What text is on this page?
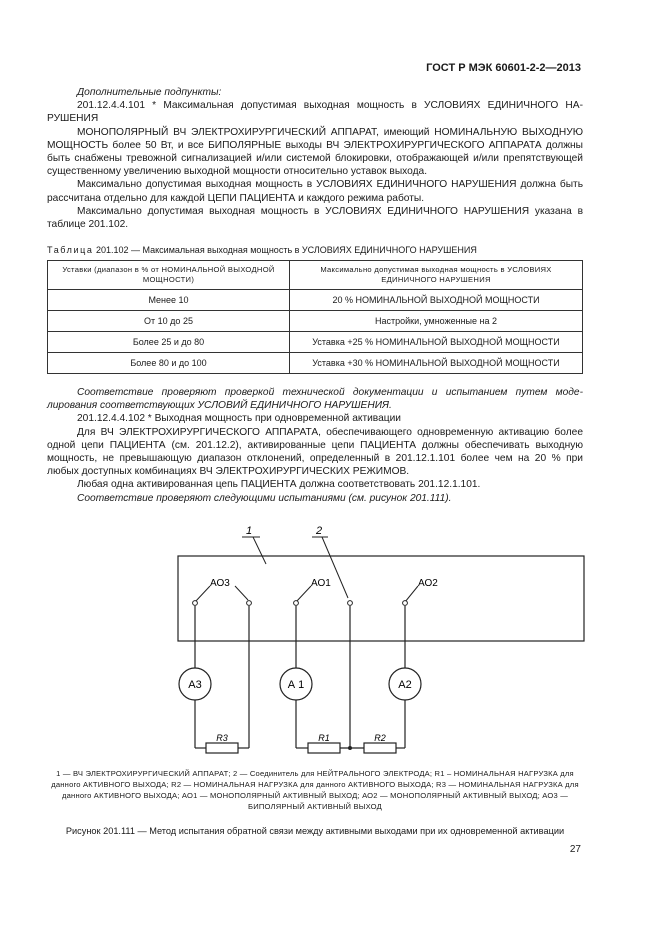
ГОСТ Р МЭК 60601-2-2—2013

Дополнительные подпункты:

201.12.4.4.101 * Максимальная допустимая выходная мощность в УСЛОВИЯХ ЕДИНИЧНОГО НАРУШЕНИЯ

МОНОПОЛЯРНЫЙ ВЧ ЭЛЕКТРОХИРУРГИЧЕСКИЙ АППАРАТ, имеющий НОМИНАЛЬНУЮ ВЫХОДНУЮ МОЩНОСТЬ более 50 Вт, и все БИПОЛЯРНЫЕ выходы ВЧ ЭЛЕКТРОХИРУРГИЧЕСКОГО АППАРАТА должны быть снабжены тревожной сигнализацией и/или системой блокировки, отображающей и/или препятствующей существенному увеличению выходной мощности относительно уставок выхода.

Максимально допустимая выходная мощность в УСЛОВИЯХ ЕДИНИЧНОГО НАРУШЕНИЯ должна быть рассчитана отдельно для каждой ЦЕПИ ПАЦИЕНТА и каждого режима работы.

Максимально допустимая выходная мощность в УСЛОВИЯХ ЕДИНИЧНОГО НАРУШЕНИЯ указана в таблице 201.102.

Таблица 201.102 — Максимальная выходная мощность в УСЛОВИЯХ ЕДИНИЧНОГО НАРУШЕНИЯ
Уставки (диапазон в % от НОМИНАЛЬНОЙ ВЫХОДНОЙ МОЩНОСТИ)	Максимально допустимая выходная мощность в УСЛОВИЯХ ЕДИНИЧНОГО НАРУШЕНИЯ
Менее 10	20 % НОМИНАЛЬНОЙ ВЫХОДНОЙ МОЩНОСТИ
От 10 до 25	Настройки, умноженные на 2
Более 25 и до 80	Уставка +25 % НОМИНАЛЬНОЙ ВЫХОДНОЙ МОЩНОСТИ
Более 80 и до 100	Уставка +30 % НОМИНАЛЬНОЙ ВЫХОДНОЙ МОЩНОСТИ

Соответствие проверяют проверкой технической документации и испытанием путем моделирования соответствующих УСЛОВИЙ ЕДИНИЧНОГО НАРУШЕНИЯ.

201.12.4.4.102 * Выходная мощность при одновременной активации

Для ВЧ ЭЛЕКТРОХИРУРГИЧЕСКОГО АППАРАТА, обеспечивающего одновременную активацию более одной цепи ПАЦИЕНТА (см. 201.12.2), активированные цепи ПАЦИЕНТА должны обеспечивать выходную мощность, не превышающую диапазон отклонений, определенный в 201.12.1.101 более чем на 20 % при любых доступных комбинациях ВЧ ЭЛЕКТРОХИРУРГИЧЕСКИХ РЕЖИМОВ.

Любая одна активированная цепь ПАЦИЕНТА должна соответствовать 201.12.1.101.

Соответствие проверяют следующими испытаниями (см. рисунок 201.111).

1	2
АО3	АО1	АО2
А3	А 1	А2
R3	R1	R2
1 — ВЧ ЭЛЕКТРОХИРУРГИЧЕСКИЙ АППАРАТ; 2 — Соединитель для НЕЙТРАЛЬНОГО ЭЛЕКТРОДА; R1 – НОМИНАЛЬНАЯ НАГРУЗКА для данного АКТИВНОГО ВЫХОДА; R2 — НОМИНАЛЬНАЯ НАГРУЗКА для данного АКТИВНОГО ВЫХОДА; R3 — НОМИНАЛЬНАЯ НАГРУЗКА для данного АКТИВНОГО ВЫХОДА; АО1 — МОНОПОЛЯРНЫЙ АКТИВНЫЙ ВЫХОД; АО2 — МОНОПОЛЯРНЫЙ АКТИВНЫЙ ВЫХОД; АО3 — БИПОЛЯРНЫЙ АКТИВНЫЙ ВЫХОД
Рисунок 201.111 — Метод испытания обратной связи между активными выходами при их одновременной активации
27
